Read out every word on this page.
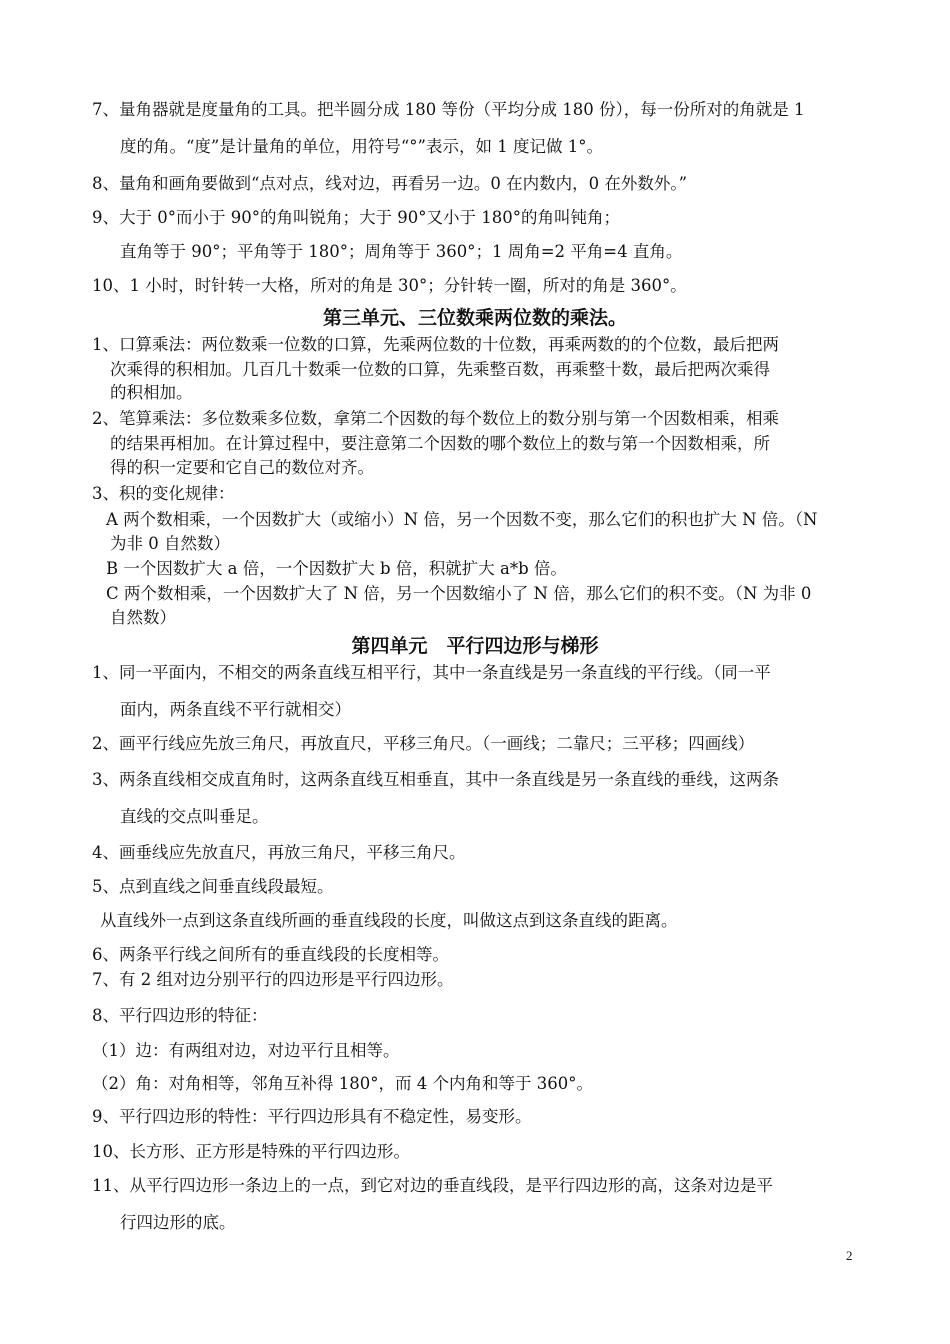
7、量角器就是度量角的工具。把半圆分成 180 等份（平均分成 180 份），每一份所对的角就是 1

度的角。“度”是计量角的单位，用符号“°”表示，如 1 度记做 1°。

8、量角和画角要做到“点对点，线对边，再看另一边。0 在内数内，0 在外数外。”

9、大于 0°而小于 90°的角叫锐角；大于 90°又小于 180°的角叫钝角；

直角等于 90°；平角等于 180°；周角等于 360°；1 周角=2 平角=4 直角。

10、1 小时，时针转一大格，所对的角是 30°；分针转一圈，所对的角是 360°。

第三单元、三位数乘两位数的乘法。

1、口算乘法：两位数乘一位数的口算，先乘两位数的十位数，再乘两数的的个位数，最后把两

次乘得的积相加。几百几十数乘一位数的口算，先乘整百数，再乘整十数，最后把两次乘得

的积相加。

2、笔算乘法：多位数乘多位数，拿第二个因数的每个数位上的数分别与第一个因数相乘，相乘

的结果再相加。在计算过程中，要注意第二个因数的哪个数位上的数与第一个因数相乘，所

得的积一定要和它自己的数位对齐。

3、积的变化规律：

A 两个数相乘，一个因数扩大（或缩小）N 倍，另一个因数不变，那么它们的积也扩大 N 倍。（N

为非 0 自然数）

B 一个因数扩大 a 倍，一个因数扩大 b 倍，积就扩大 a*b 倍。

C 两个数相乘，一个因数扩大了 N 倍，另一个因数缩小了 N 倍，那么它们的积不变。（N 为非 0

自然数）

第四单元　平行四边形与梯形

1、同一平面内，不相交的两条直线互相平行，其中一条直线是另一条直线的平行线。（同一平

面内，两条直线不平行就相交）

2、画平行线应先放三角尺，再放直尺，平移三角尺。（一画线；二靠尺；三平移；四画线）

3、两条直线相交成直角时，这两条直线互相垂直，其中一条直线是另一条直线的垂线，这两条

直线的交点叫垂足。

4、画垂线应先放直尺，再放三角尺，平移三角尺。

5、点到直线之间垂直线段最短。

从直线外一点到这条直线所画的垂直线段的长度，叫做这点到这条直线的距离。

6、两条平行线之间所有的垂直线段的长度相等。

7、有 2 组对边分别平行的四边形是平行四边形。

8、平行四边形的特征：

（1）边：有两组对边，对边平行且相等。

（2）角：对角相等，邻角互补得 180°，而 4 个内角和等于 360°。

9、平行四边形的特性：平行四边形具有不稳定性，易变形。

10、长方形、正方形是特殊的平行四边形。

11、从平行四边形一条边上的一点，到它对边的垂直线段，是平行四边形的高，这条对边是平

行四边形的底。

2
